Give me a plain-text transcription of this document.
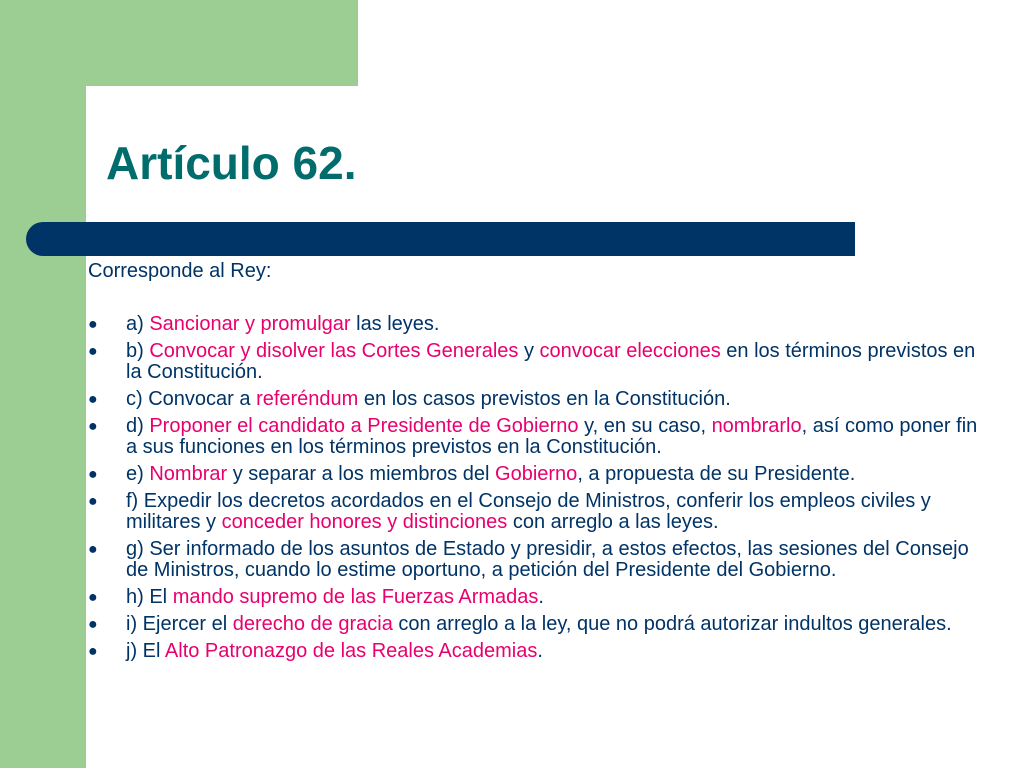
Artículo 62.

Corresponde al Rey:

● a) Sancionar y promulgar las leyes.
● b) Convocar y disolver las Cortes Generales y convocar elecciones en los términos previstos en la Constitución.
● c) Convocar a referéndum en los casos previstos en la Constitución.
● d) Proponer el candidato a Presidente de Gobierno y, en su caso, nombrarlo, así como poner fin a sus funciones en los términos previstos en la Constitución.
● e) Nombrar y separar a los miembros del Gobierno, a propuesta de su Presidente.
● f) Expedir los decretos acordados en el Consejo de Ministros, conferir los empleos civiles y militares y conceder honores y distinciones con arreglo a las leyes.
● g) Ser informado de los asuntos de Estado y presidir, a estos efectos, las sesiones del Consejo de Ministros, cuando lo estime oportuno, a petición del Presidente del Gobierno.
● h) El mando supremo de las Fuerzas Armadas.
● i) Ejercer el derecho de gracia con arreglo a la ley, que no podrá autorizar indultos generales.
● j) El Alto Patronazgo de las Reales Academias.
